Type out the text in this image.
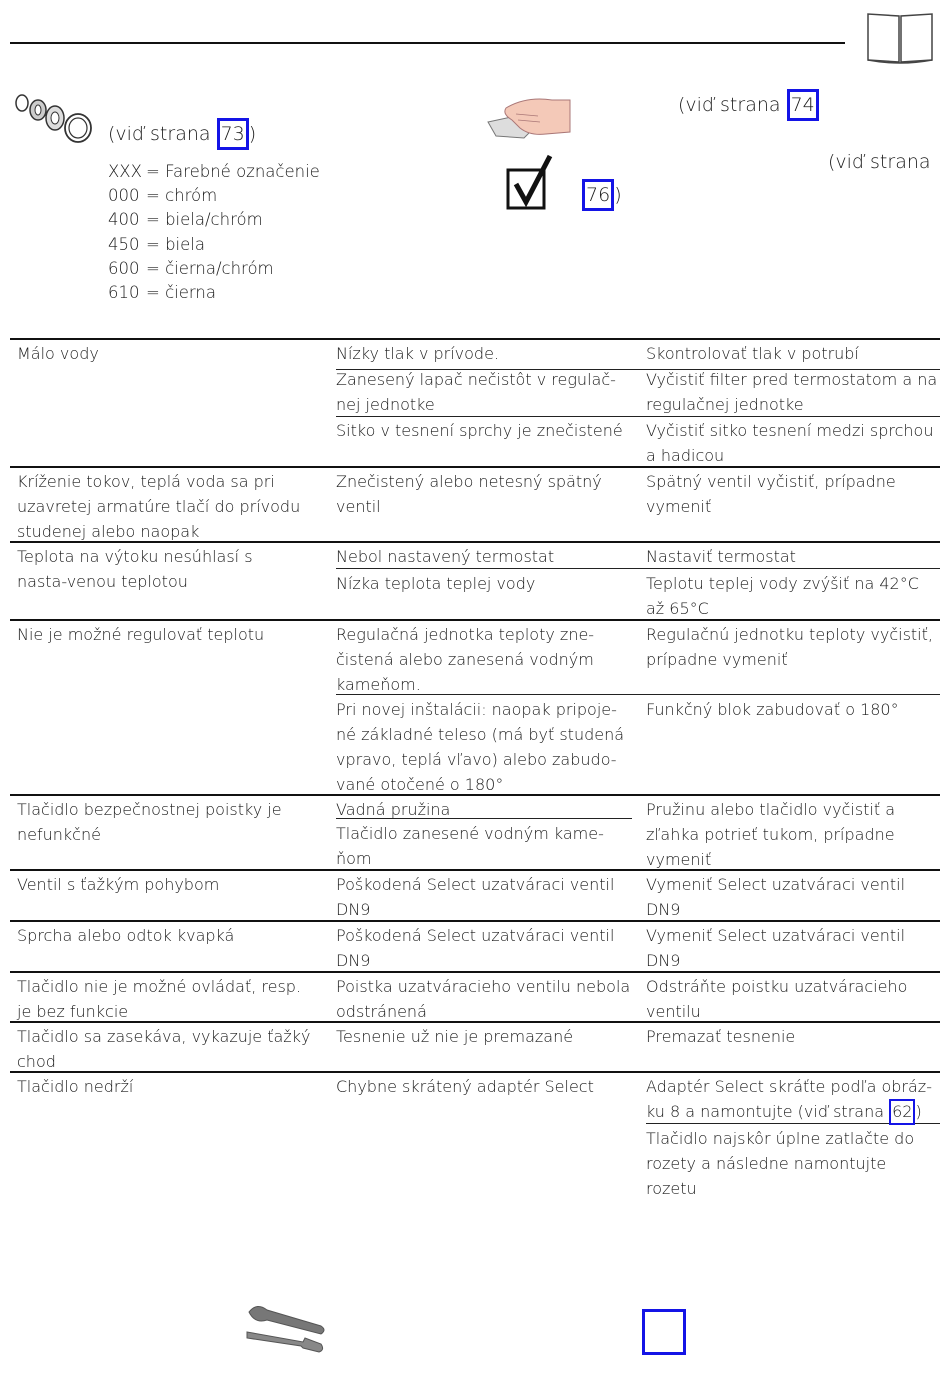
(viď strana 73 )
XXX = Farebné označenie
000 = chróm
400 = biela/chróm
450 = biela
600 = čierna/chróm
610 = čierna
(viď strana 74
(viď strana
76 )
Málo vody
Kríženie tokov, teplá voda sa pri uzavretej armatúre tlačí do prívodu studenej alebo naopak
Teplota na výtoku nesúhlasí s nasta-venou teplotou
Nie je možné regulovať teplotu
Tlačidlo bezpečnostnej poistky je nefunkčné
Ventil s ťažkým pohybom
Sprcha alebo odtok kvapká
Tlačidlo nie je možné ovládať, resp. je bez funkcie
Tlačidlo sa zasekáva, vykazuje ťažký chod
Tlačidlo nedrží
Nízky tlak v prívode.
Zanesený lapač nečistôt v regulač-nej jednotke
Sitko v tesnení sprchy je znečistené
Znečistený alebo netesný spätný ventil
Nebol nastavený termostat
Nízka teplota teplej vody
Regulačná jednotka teploty zne-čistená alebo zanesená vodným kameňom.
Pri novej inštalácii: naopak pripoje-né základné teleso (má byť studená vpravo, teplá vľavo) alebo zabudo-vané otočené o 180°
Vadná pružina
Tlačidlo zanesené vodným kame-ňom
Poškodená Select uzatváraci ventil DN9
Poškodená Select uzatváraci ventil DN9
Poistka uzatváracieho ventilu nebola odstránená
Tesnenie už nie je premazané
Chybne skrátený adaptér Select
Skontrolovať tlak v potrubí
Vyčistiť filter pred termostatom a na regulačnej jednotke
Vyčistiť sitko tesnení medzi sprchou a hadicou
Spätný ventil vyčistiť, prípadne vymeniť
Nastaviť termostat
Teplotu teplej vody zvýšiť na 42°C až 65°C
Regulačnú jednotku teploty vyčistiť, prípadne vymeniť
Funkčný blok zabudovať o 180°
Pružinu alebo tlačidlo vyčistiť a zľahka potrieť tukom, prípadne vymeniť
Vymeniť Select uzatváraci ventil DN9
Vymeniť Select uzatváraci ventil DN9
Odstráňte poistku uzatváracieho ventilu
Premazať tesnenie
Adaptér Select skráťte podľa obráz-ku 8 a namontujte (viď strana 62 )
Tlačidlo najskôr úplne zatlačte do rozety a následne namontujte rozetu
